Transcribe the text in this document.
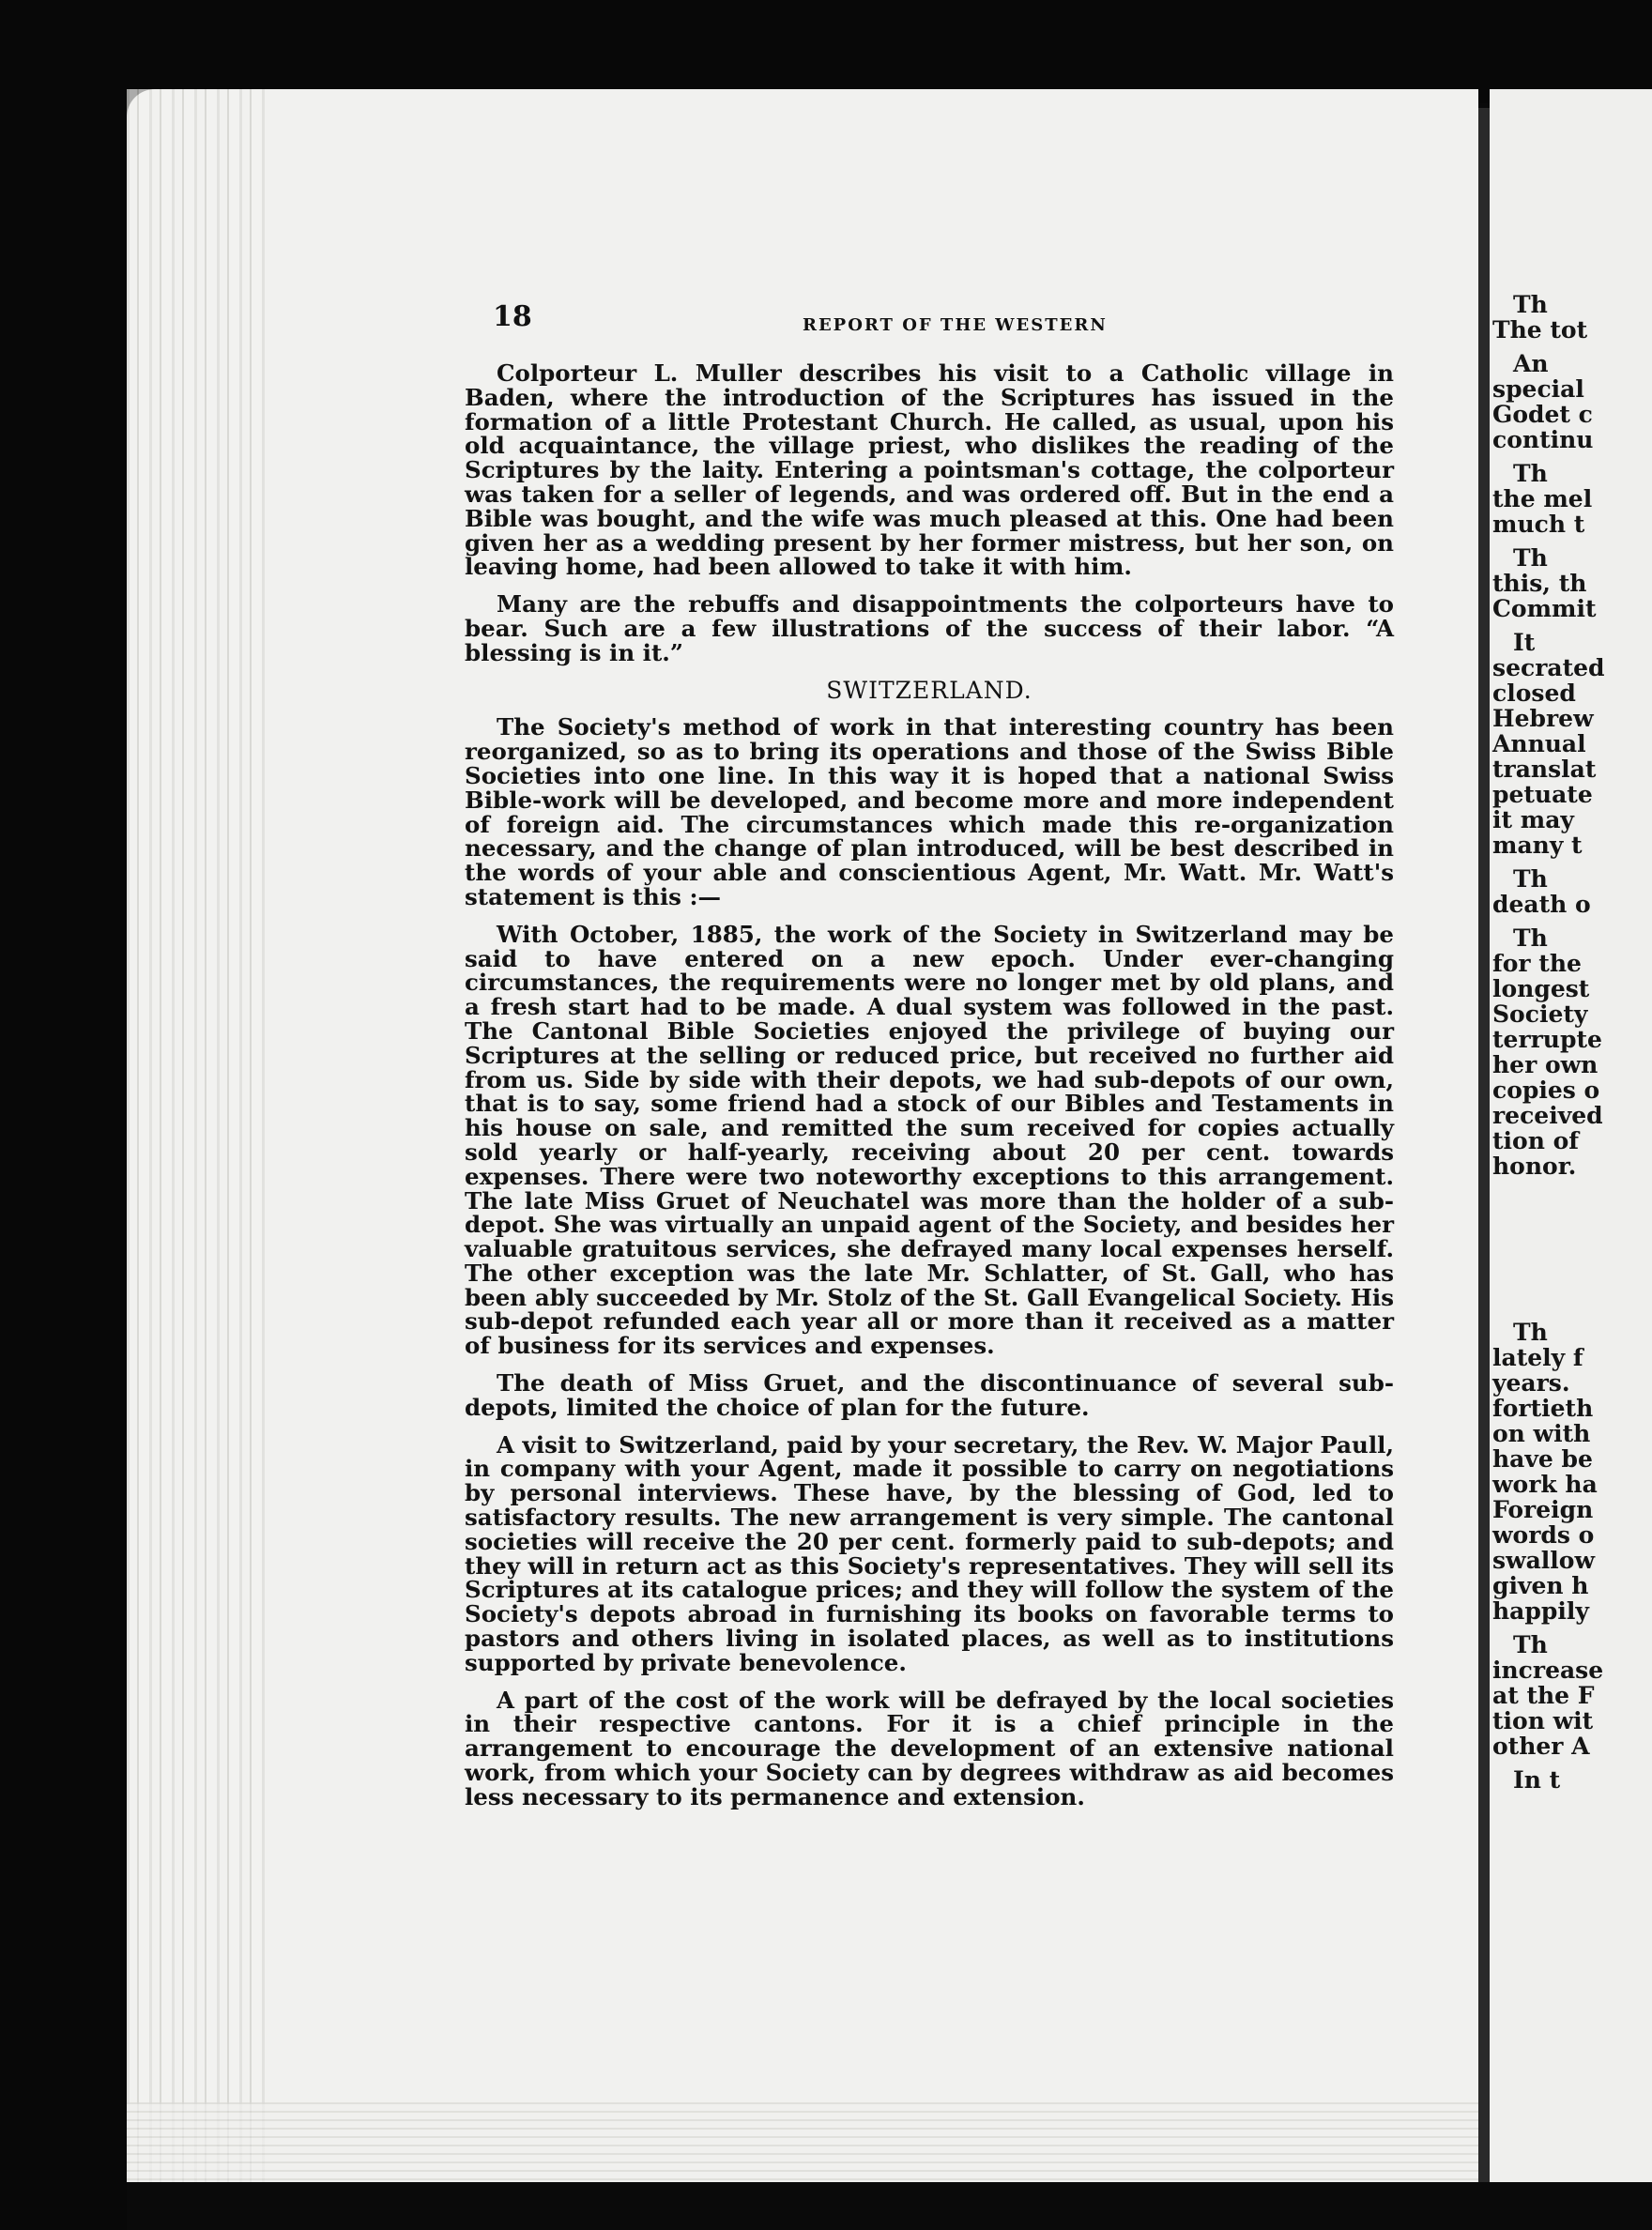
Th
The tot
An
special
Godet c
continu
Th
the mel
much t
Th
this, th
Commit
It
secrated
closed
Hebrew
Annual
translat
petuate
it may
many t
Th
death o
Th
for the
longest
Society
terrupte
her own
copies o
received
tion of
honor.
Th
lately f
years.
fortieth
on with
have be
work ha
Foreign
words o
swallow
given h
happily
Th
increase
at the F
tion wit
other A
In t
18	REPORT OF THE WESTERN

Colporteur L. Muller describes his visit to a Catholic village in Baden, where the introduction of the Scriptures has issued in the formation of a little Protestant Church. He called, as usual, upon his old acquaintance, the village priest, who dislikes the reading of the Scriptures by the laity. Entering a pointsman's cottage, the colporteur was taken for a seller of legends, and was ordered off. But in the end a Bible was bought, and the wife was much pleased at this. One had been given her as a wedding present by her former mistress, but her son, on leaving home, had been allowed to take it with him.

Many are the rebuffs and disappointments the colporteurs have to bear. Such are a few illustrations of the success of their labor. “A blessing is in it.”

SWITZERLAND.

The Society's method of work in that interesting country has been reorganized, so as to bring its operations and those of the Swiss Bible Societies into one line. In this way it is hoped that a national Swiss Bible-work will be developed, and become more and more independent of foreign aid. The circumstances which made this re-organization necessary, and the change of plan introduced, will be best described in the words of your able and conscientious Agent, Mr. Watt. Mr. Watt's statement is this :—

With October, 1885, the work of the Society in Switzerland may be said to have entered on a new epoch. Under ever-changing circumstances, the requirements were no longer met by old plans, and a fresh start had to be made. A dual system was followed in the past. The Cantonal Bible Societies enjoyed the privilege of buying our Scriptures at the selling or reduced price, but received no further aid from us. Side by side with their depots, we had sub-depots of our own, that is to say, some friend had a stock of our Bibles and Testaments in his house on sale, and remitted the sum received for copies actually sold yearly or half-yearly, receiving about 20 per cent. towards expenses. There were two noteworthy exceptions to this arrangement. The late Miss Gruet of Neuchatel was more than the holder of a sub-depot. She was virtually an unpaid agent of the Society, and besides her valuable gratuitous services, she defrayed many local expenses herself. The other exception was the late Mr. Schlatter, of St. Gall, who has been ably succeeded by Mr. Stolz of the St. Gall Evangelical Society. His sub-depot refunded each year all or more than it received as a matter of business for its services and expenses.

The death of Miss Gruet, and the discontinuance of several sub-depots, limited the choice of plan for the future.

A visit to Switzerland, paid by your secretary, the Rev. W. Major Paull, in company with your Agent, made it possible to carry on negotiations by personal interviews. These have, by the blessing of God, led to satisfactory results. The new arrangement is very simple. The cantonal societies will receive the 20 per cent. formerly paid to sub-depots; and they will in return act as this Society's representatives. They will sell its Scriptures at its catalogue prices; and they will follow the system of the Society's depots abroad in furnishing its books on favorable terms to pastors and others living in isolated places, as well as to institutions supported by private benevolence.

A part of the cost of the work will be defrayed by the local societies in their respective cantons. For it is a chief principle in the arrangement to encourage the development of an extensive national work, from which your Society can by degrees withdraw as aid becomes less necessary to its permanence and extension.
